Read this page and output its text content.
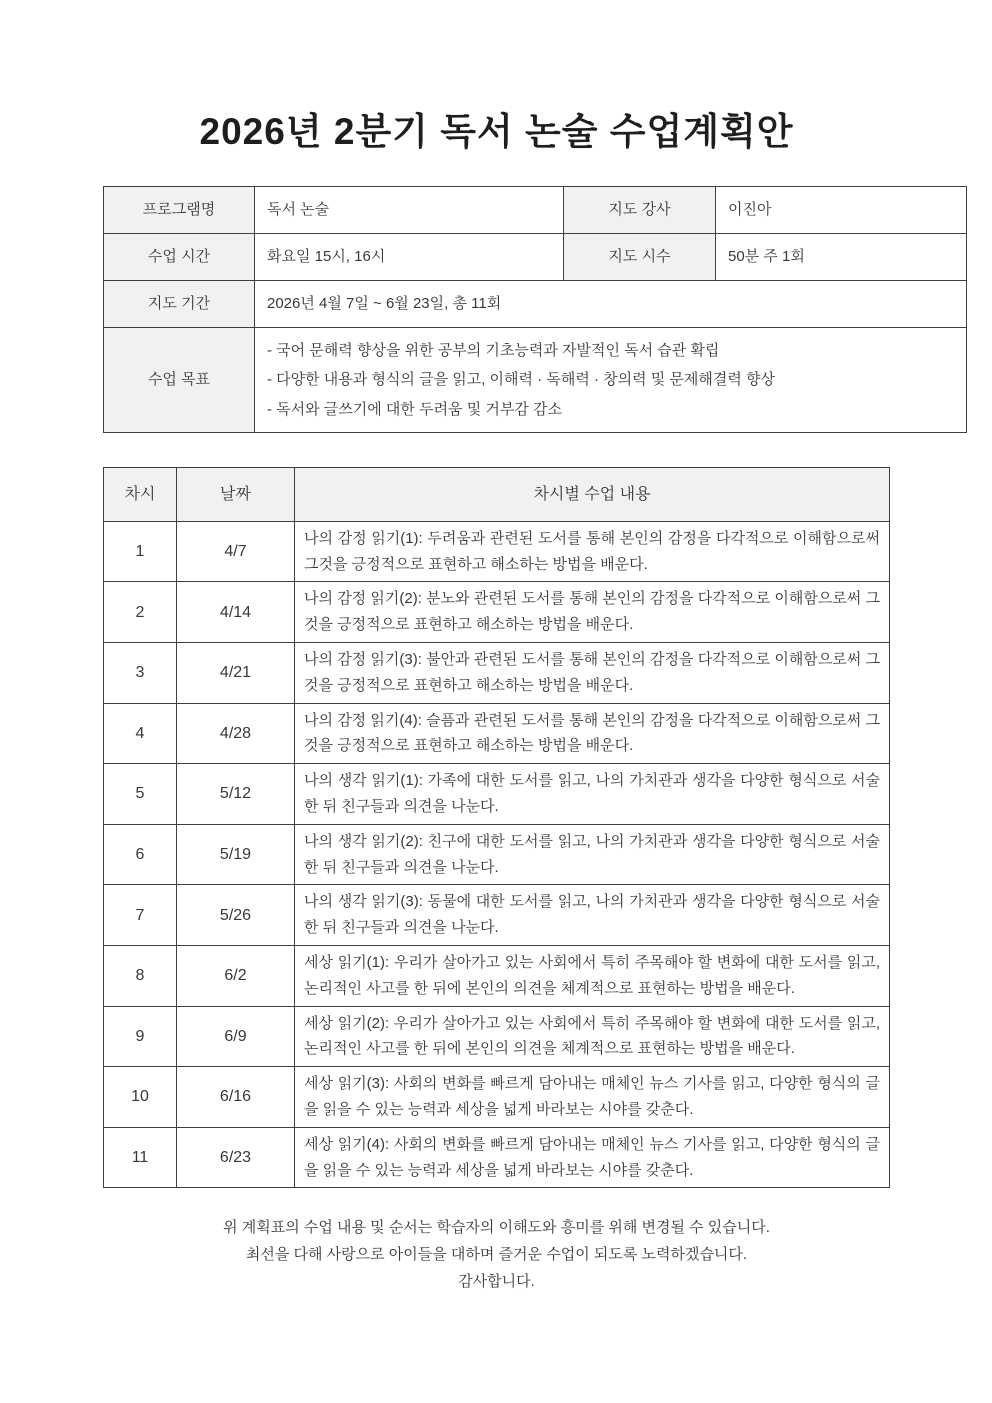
2026년 2분기 독서 논술 수업계획안
프로그램명	독서 논술	지도 강사	이진아
수업 시간	화요일 15시, 16시	지도 시수	50분 주 1회
지도 기간	2026년 4월 7일 ~ 6월 23일, 총 11회		
수업 목표	- 국어 문해력 향상을 위한 공부의 기초능력과 자발적인 독서 습관 확립
- 다양한 내용과 형식의 글을 읽고, 이해력 · 독해력 · 창의력 및 문제해결력 향상
- 독서와 글쓰기에 대한 두려움 및 거부감 감소		
차시	날짜	차시별 수업 내용
1	4/7	나의 감정 읽기(1): 두려움과 관련된 도서를 통해 본인의 감정을 다각적으로 이해함으로써 그것을 긍정적으로 표현하고 해소하는 방법을 배운다.
2	4/14	나의 감정 읽기(2): 분노와 관련된 도서를 통해 본인의 감정을 다각적으로 이해함으로써 그것을 긍정적으로 표현하고 해소하는 방법을 배운다.
3	4/21	나의 감정 읽기(3): 불안과 관련된 도서를 통해 본인의 감정을 다각적으로 이해함으로써 그것을 긍정적으로 표현하고 해소하는 방법을 배운다.
4	4/28	나의 감정 읽기(4): 슬픔과 관련된 도서를 통해 본인의 감정을 다각적으로 이해함으로써 그것을 긍정적으로 표현하고 해소하는 방법을 배운다.
5	5/12	나의 생각 읽기(1): 가족에 대한 도서를 읽고, 나의 가치관과 생각을 다양한 형식으로 서술한 뒤 친구들과 의견을 나눈다.
6	5/19	나의 생각 읽기(2): 친구에 대한 도서를 읽고, 나의 가치관과 생각을 다양한 형식으로 서술한 뒤 친구들과 의견을 나눈다.
7	5/26	나의 생각 읽기(3): 동물에 대한 도서를 읽고, 나의 가치관과 생각을 다양한 형식으로 서술한 뒤 친구들과 의견을 나눈다.
8	6/2	세상 읽기(1): 우리가 살아가고 있는 사회에서 특히 주목해야 할 변화에 대한 도서를 읽고, 논리적인 사고를 한 뒤에 본인의 의견을 체계적으로 표현하는 방법을 배운다.
9	6/9	세상 읽기(2): 우리가 살아가고 있는 사회에서 특히 주목해야 할 변화에 대한 도서를 읽고, 논리적인 사고를 한 뒤에 본인의 의견을 체계적으로 표현하는 방법을 배운다.
10	6/16	세상 읽기(3): 사회의 변화를 빠르게 담아내는 매체인 뉴스 기사를 읽고, 다양한 형식의 글을 읽을 수 있는 능력과 세상을 넓게 바라보는 시야를 갖춘다.
11	6/23	세상 읽기(4): 사회의 변화를 빠르게 담아내는 매체인 뉴스 기사를 읽고, 다양한 형식의 글을 읽을 수 있는 능력과 세상을 넓게 바라보는 시야를 갖춘다.

위 계획표의 수업 내용 및 순서는 학습자의 이해도와 흥미를 위해 변경될 수 있습니다.

최선을 다해 사랑으로 아이들을 대하며 즐거운 수업이 되도록 노력하겠습니다.

감사합니다.
